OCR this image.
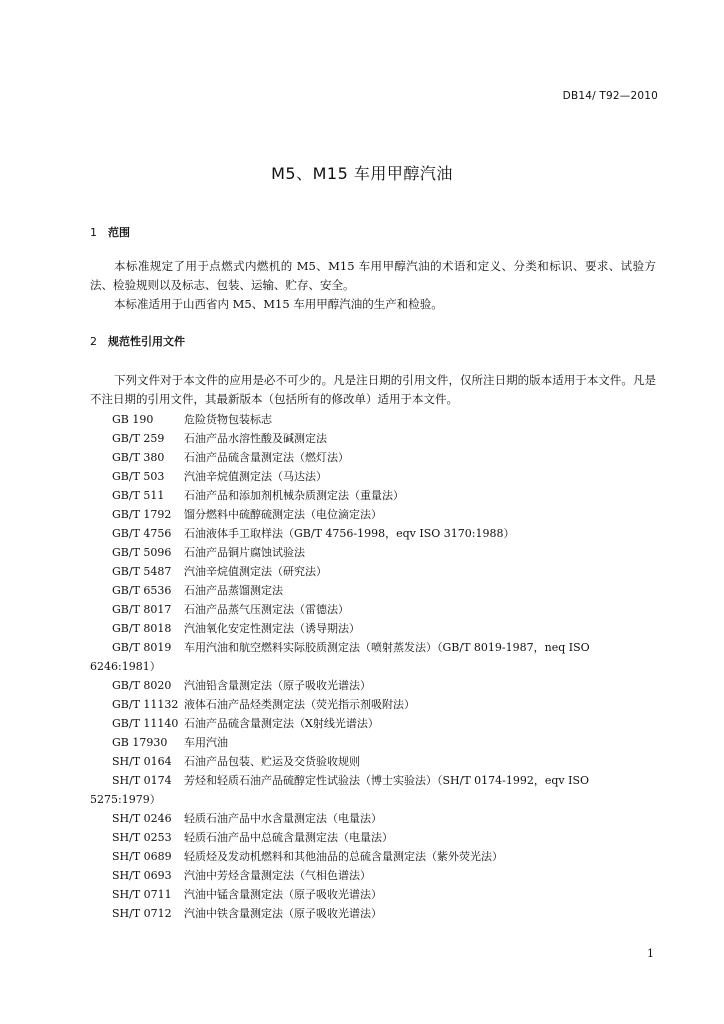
DB14/ T92—2010
M5、M15 车用甲醇汽油
1 范围

本标准规定了用于点燃式内燃机的 M5、M15 车用甲醇汽油的术语和定义、分类和标识、要求、试验方法、检验规则以及标志、包装、运输、贮存、安全。

本标准适用于山西省内 M5、M15 车用甲醇汽油的生产和检验。

2 规范性引用文件

下列文件对于本文件的应用是必不可少的。凡是注日期的引用文件，仅所注日期的版本适用于本文件。凡是不注日期的引用文件，其最新版本（包括所有的修改单）适用于本文件。

GB 190	危险货物包装标志
GB/T 259	石油产品水溶性酸及碱测定法
GB/T 380	石油产品硫含量测定法（燃灯法）
GB/T 503	汽油辛烷值测定法（马达法）
GB/T 511	石油产品和添加剂机械杂质测定法（重量法）
GB/T 1792	馏分燃料中硫醇硫测定法（电位滴定法）
GB/T 4756	石油液体手工取样法（GB/T 4756-1998，eqv ISO 3170:1988）
GB/T 5096	石油产品铜片腐蚀试验法
GB/T 5487	汽油辛烷值测定法（研究法）
GB/T 6536	石油产品蒸馏测定法
GB/T 8017	石油产品蒸气压测定法（雷德法）
GB/T 8018	汽油氧化安定性测定法（诱导期法）
GB/T 8019 车用汽油和航空燃料实际胶质测定法（喷射蒸发法）（GB/T 8019-1987，neq ISO 6246:1981）
GB/T 8020	汽油铅含量测定法（原子吸收光谱法）
GB/T 11132 液体石油产品烃类测定法（荧光指示剂吸附法）
GB/T 11140 石油产品硫含量测定法（X射线光谱法）
GB 17930	车用汽油
SH/T 0164	石油产品包装、贮运及交货验收规则
SH/T 0174 芳烃和轻质石油产品硫醇定性试验法（博士实验法）（SH/T 0174-1992，eqv ISO 5275:1979）
SH/T 0246	轻质石油产品中水含量测定法（电量法）
SH/T 0253	轻质石油产品中总硫含量测定法（电量法）
SH/T 0689	轻质烃及发动机燃料和其他油品的总硫含量测定法（紫外荧光法）
SH/T 0693	汽油中芳烃含量测定法（气相色谱法）
SH/T 0711	汽油中锰含量测定法（原子吸收光谱法）
SH/T 0712	汽油中铁含量测定法（原子吸收光谱法）
1
